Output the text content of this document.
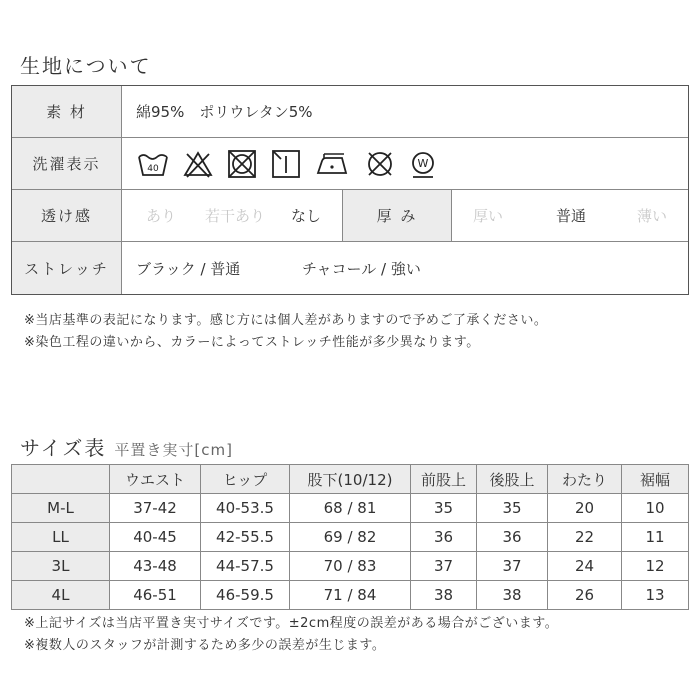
生地について
素 材	綿95%　ポリウレタン5%
洗濯表示	40	W
透け感	あり	若干あり	なし	厚 み	厚い	普通	薄い
ストレッチ	ブラック / 普通	チャコール / 強い
※当店基準の表記になります。感じ方には個人差がありますので予めご了承ください。
※染色工程の違いから、カラーによってストレッチ性能が多少異なります。
サイズ表 平置き実寸[cm]
	ウエスト	ヒップ	股下(10/12)	前股上	後股上	わたり	裾幅
M-L	37-42	40-53.5	68 / 81	35	35	20	10
LL	40-45	42-55.5	69 / 82	36	36	22	11
3L	43-48	44-57.5	70 / 83	37	37	24	12
4L	46-51	46-59.5	71 / 84	38	38	26	13
※上記サイズは当店平置き実寸サイズです。±2cm程度の誤差がある場合がございます。
※複数人のスタッフが計測するため多少の誤差が生じます。
